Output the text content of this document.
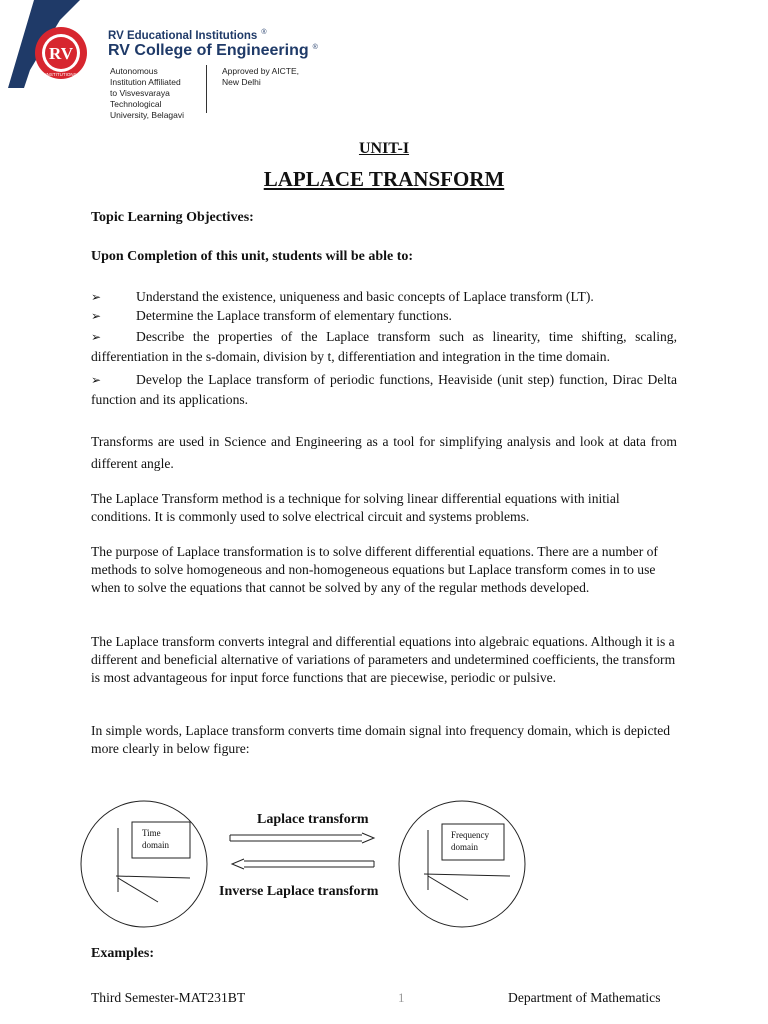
RV
INSTITUTIONS
RV Educational Institutions ®
RV College of Engineering ®
Autonomous
Institution Affiliated
to Visvesvaraya
Technological
University, Belagavi
Approved by AICTE,
New Delhi
UNIT-I
LAPLACE TRANSFORM
Topic Learning Objectives:
Upon Completion of this unit, students will be able to:
➢	Understand the existence, uniqueness and basic concepts of Laplace transform (LT).
➢	Determine the Laplace transform of elementary functions.
➢	Describe the properties of the Laplace transform such as linearity, time shifting, scaling, differentiation in the s-domain, division by t, differentiation and integration in the time domain.
➢	Develop the Laplace transform of periodic functions, Heaviside (unit step) function, Dirac Delta function and its applications.
Transforms are used in Science and Engineering as a tool for simplifying analysis and look at data from different angle.
The Laplace Transform method is a technique for solving linear differential equations with initial conditions. It is commonly used to solve electrical circuit and systems problems.
The purpose of Laplace transformation is to solve different differential equations. There are a number of methods to solve homogeneous and non-homogeneous equations but Laplace transform comes in to use when to solve the equations that cannot be solved by any of the regular methods developed.
The Laplace transform converts integral and differential equations into algebraic equations. Although it is a different and beneficial alternative of variations of parameters and undetermined coefficients, the transform is most advantageous for input force functions that are piecewise, periodic or pulsive.
In simple words, Laplace transform converts time domain signal into frequency domain, which is depicted more clearly in below figure:
Time
domain
Frequency
domain
Laplace transform
Inverse Laplace transform
Examples:
Third Semester-MAT231BT	1	Department of Mathematics
